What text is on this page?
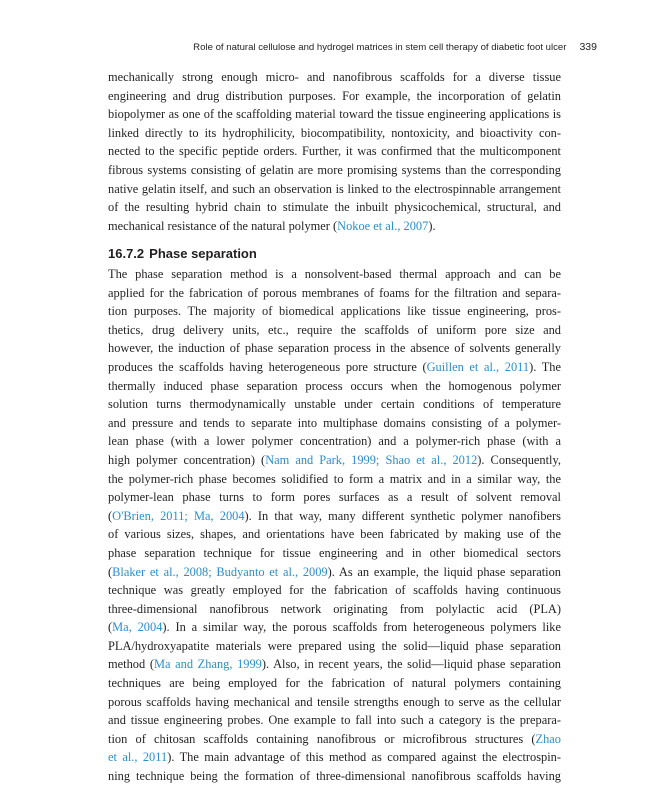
Role of natural cellulose and hydrogel matrices in stem cell therapy of diabetic foot ulcer 339

mechanically strong enough micro- and nanofibrous scaffolds for a diverse tissue
engineering and drug distribution purposes. For example, the incorporation of gelatin
biopolymer as one of the scaffolding material toward the tissue engineering applications is
linked directly to its hydrophilicity, biocompatibility, nontoxicity, and bioactivity con-
nected to the specific peptide orders. Further, it was confirmed that the multicomponent
fibrous systems consisting of gelatin are more promising systems than the corresponding
native gelatin itself, and such an observation is linked to the electrospinnable arrangement
of the resulting hybrid chain to stimulate the inbuilt physicochemical, structural, and
mechanical resistance of the natural polymer (Nokoe et al., 2007).

16.7.2 Phase separation

The phase separation method is a nonsolvent-based thermal approach and can be
applied for the fabrication of porous membranes of foams for the filtration and separa-
tion purposes. The majority of biomedical applications like tissue engineering, pros-
thetics, drug delivery units, etc., require the scaffolds of uniform pore size and
however, the induction of phase separation process in the absence of solvents generally
produces the scaffolds having heterogeneous pore structure (Guillen et al., 2011). The
thermally induced phase separation process occurs when the homogenous polymer
solution turns thermodynamically unstable under certain conditions of temperature
and pressure and tends to separate into multiphase domains consisting of a polymer-
lean phase (with a lower polymer concentration) and a polymer-rich phase (with a
high polymer concentration) (Nam and Park, 1999; Shao et al., 2012). Consequently,
the polymer-rich phase becomes solidified to form a matrix and in a similar way, the
polymer-lean phase turns to form pores surfaces as a result of solvent removal
(O'Brien, 2011; Ma, 2004). In that way, many different synthetic polymer nanofibers
of various sizes, shapes, and orientations have been fabricated by making use of the
phase separation technique for tissue engineering and in other biomedical sectors
(Blaker et al., 2008; Budyanto et al., 2009). As an example, the liquid phase separation
technique was greatly employed for the fabrication of scaffolds having continuous
three-dimensional nanofibrous network originating from polylactic acid (PLA)
(Ma, 2004). In a similar way, the porous scaffolds from heterogeneous polymers like
PLA/hydroxyapatite materials were prepared using the solid—liquid phase separation
method (Ma and Zhang, 1999). Also, in recent years, the solid—liquid phase separation
techniques are being employed for the fabrication of natural polymers containing
porous scaffolds having mechanical and tensile strengths enough to serve as the cellular
and tissue engineering probes. One example to fall into such a category is the prepara-
tion of chitosan scaffolds containing nanofibrous or microfibrous structures (Zhao
et al., 2011). The main advantage of this method as compared against the electrospin-
ning technique being the formation of three-dimensional nanofibrous scaffolds having
